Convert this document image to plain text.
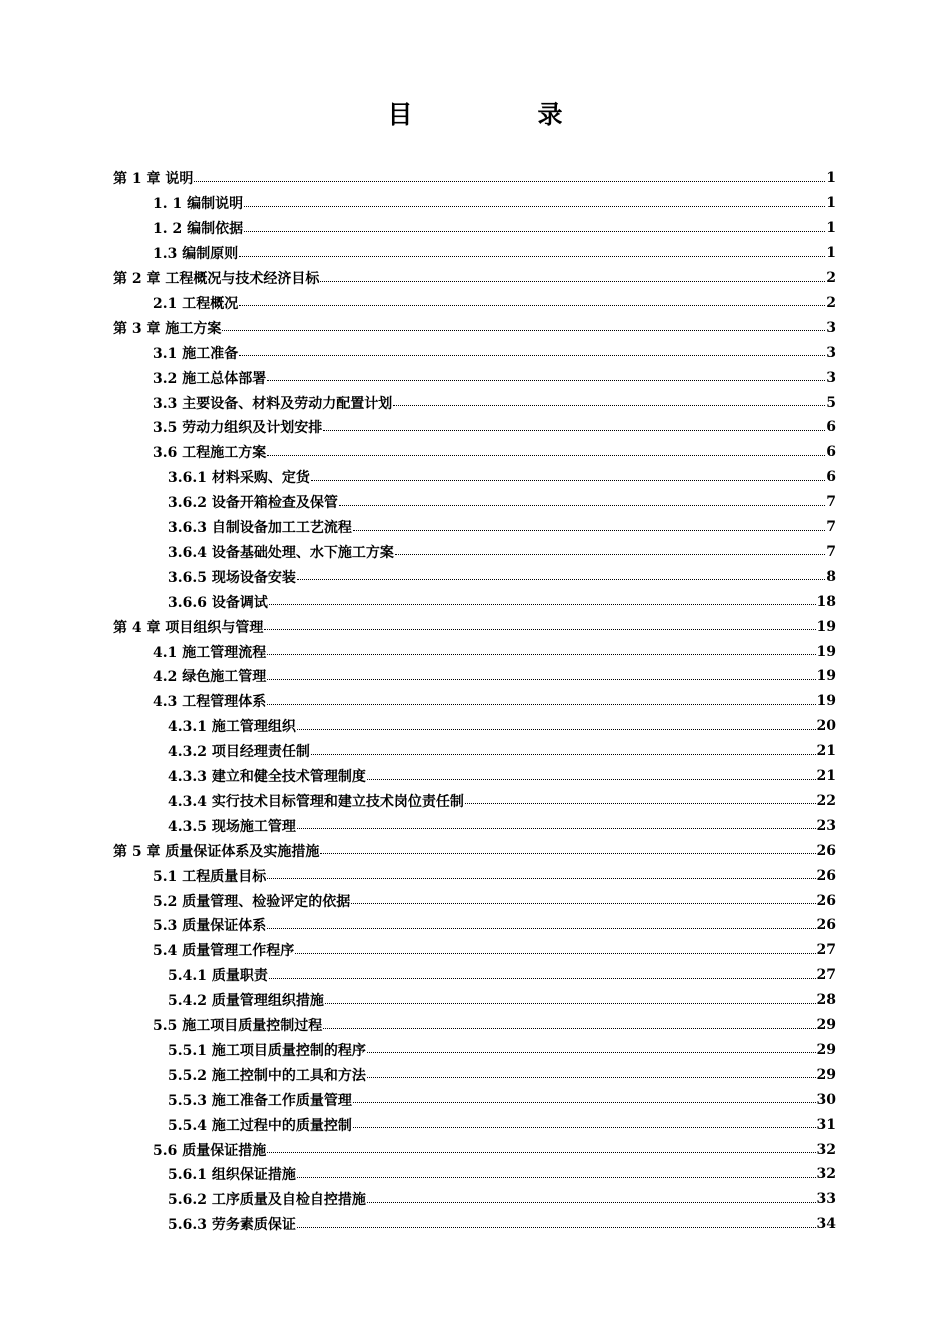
目　录
第 1 章 说明	1
1. 1 编制说明	1
1. 2 编制依据	1
1.3 编制原则	1
第 2 章 工程概况与技术经济目标	2
2.1 工程概况	2
第 3 章 施工方案	3
3.1 施工准备	3
3.2 施工总体部署	3
3.3 主要设备、材料及劳动力配置计划	5
3.5 劳动力组织及计划安排	6
3.6 工程施工方案	6
3.6.1 材料采购、定货	6
3.6.2 设备开箱检查及保管	7
3.6.3 自制设备加工工艺流程	7
3.6.4 设备基础处理、水下施工方案	7
3.6.5 现场设备安装	8
3.6.6 设备调试	18
第 4 章 项目组织与管理	19
4.1 施工管理流程	19
4.2 绿色施工管理	19
4.3 工程管理体系	19
4.3.1 施工管理组织	20
4.3.2 项目经理责任制	21
4.3.3 建立和健全技术管理制度	21
4.3.4 实行技术目标管理和建立技术岗位责任制	22
4.3.5 现场施工管理	23
第 5 章 质量保证体系及实施措施	26
5.1 工程质量目标	26
5.2 质量管理、检验评定的依据	26
5.3 质量保证体系	26
5.4 质量管理工作程序	27
5.4.1 质量职责	27
5.4.2 质量管理组织措施	28
5.5 施工项目质量控制过程	29
5.5.1 施工项目质量控制的程序	29
5.5.2 施工控制中的工具和方法	29
5.5.3 施工准备工作质量管理	30
5.5.4 施工过程中的质量控制	31
5.6 质量保证措施	32
5.6.1 组织保证措施	32
5.6.2 工序质量及自检自控措施	33
5.6.3 劳务素质保证	34
